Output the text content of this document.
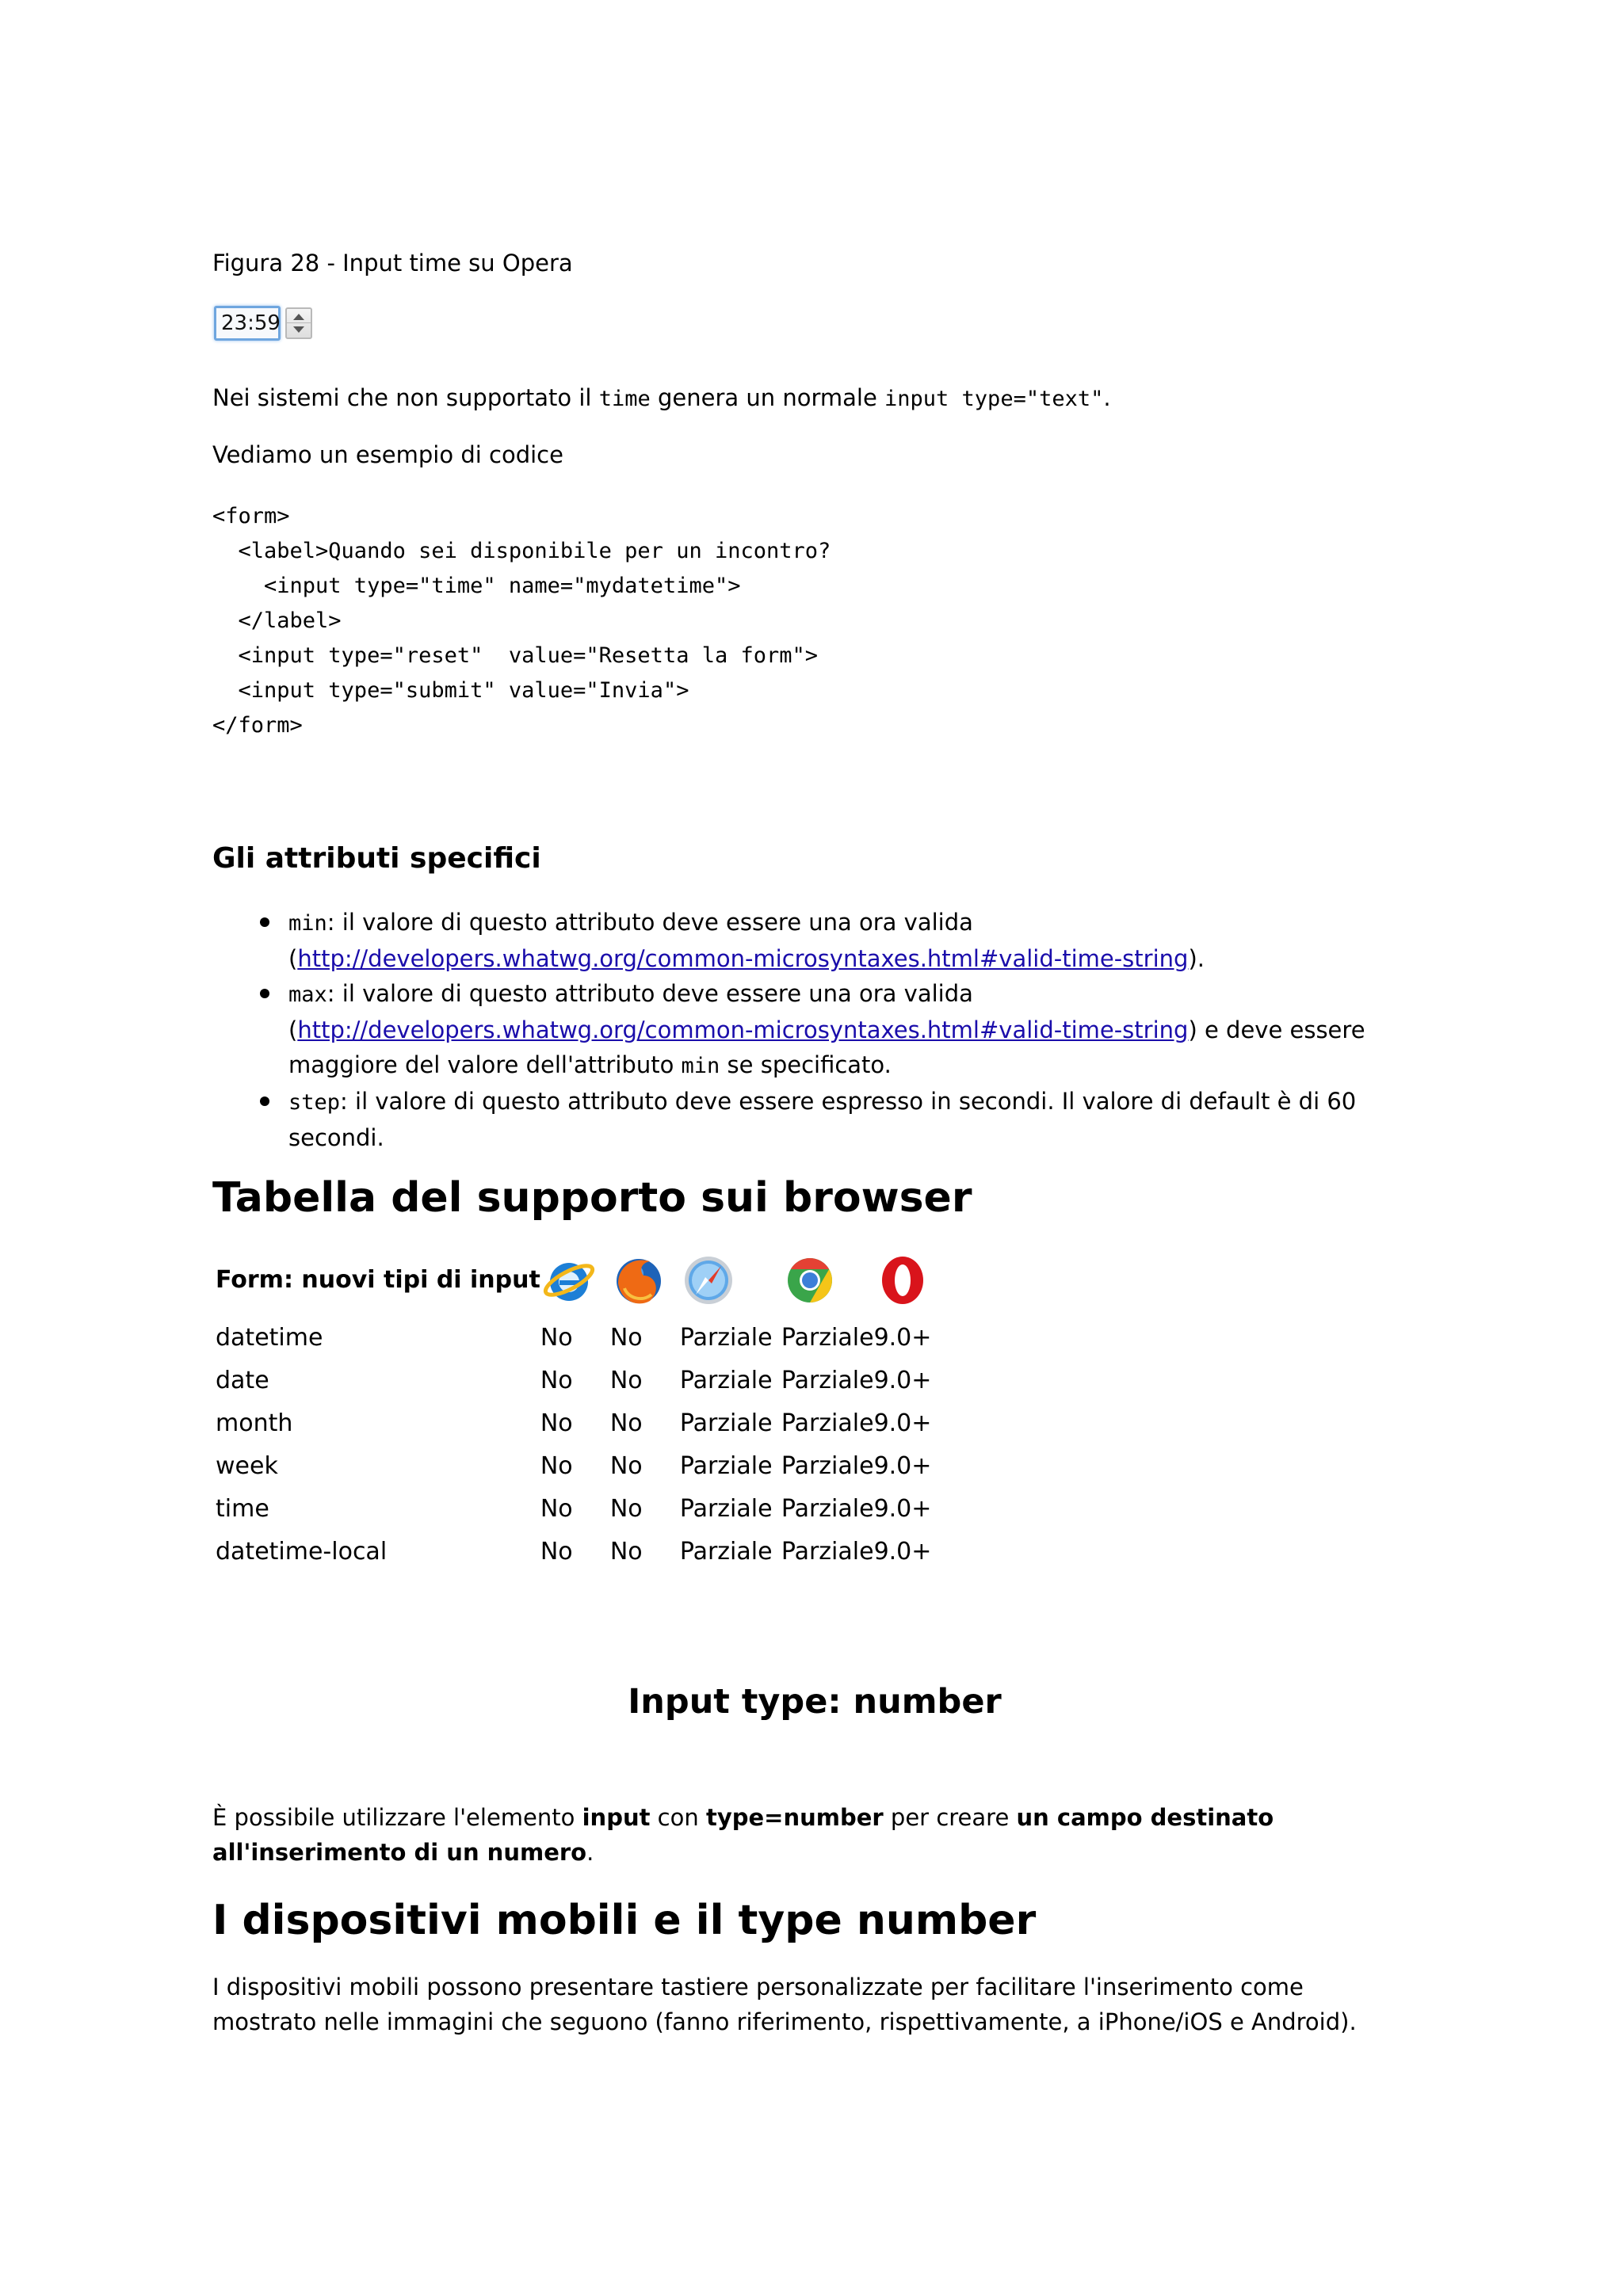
Figura 28 - Input time su Opera
23:59
Nei sistemi che non supportato il time genera un normale input type="text".
Vediamo un esempio di codice
<form>
<label>Quando sei disponibile per un incontro?
<input type="time" name="mydatetime">
</label>
<input type="reset"  value="Resetta la form">
<input type="submit" value="Invia">
</form>
Gli attributi specifici
min: il valore di questo attributo deve essere una ora valida
(http://developers.whatwg.org/common-microsyntaxes.html#valid-time-string).
max: il valore di questo attributo deve essere una ora valida
(http://developers.whatwg.org/common-microsyntaxes.html#valid-time-string) e deve essere
maggiore del valore dell'attributo min se specificato.
step: il valore di questo attributo deve essere espresso in secondi. Il valore di default è di 60
secondi.
Tabella del supporto sui browser
Form: nuovi tipi di input					
datetime	No	No	Parziale	Parziale	9.0+
date	No	No	Parziale	Parziale	9.0+
month	No	No	Parziale	Parziale	9.0+
week	No	No	Parziale	Parziale	9.0+
time	No	No	Parziale	Parziale	9.0+
datetime-local	No	No	Parziale	Parziale	9.0+
Input type: number
È possibile utilizzare l'elemento input con type=number per creare un campo destinato all'inserimento di un numero.
I dispositivi mobili e il type number
I dispositivi mobili possono presentare tastiere personalizzate per facilitare l'inserimento come mostrato nelle immagini che seguono (fanno riferimento, rispettivamente, a iPhone/iOS e Android).
